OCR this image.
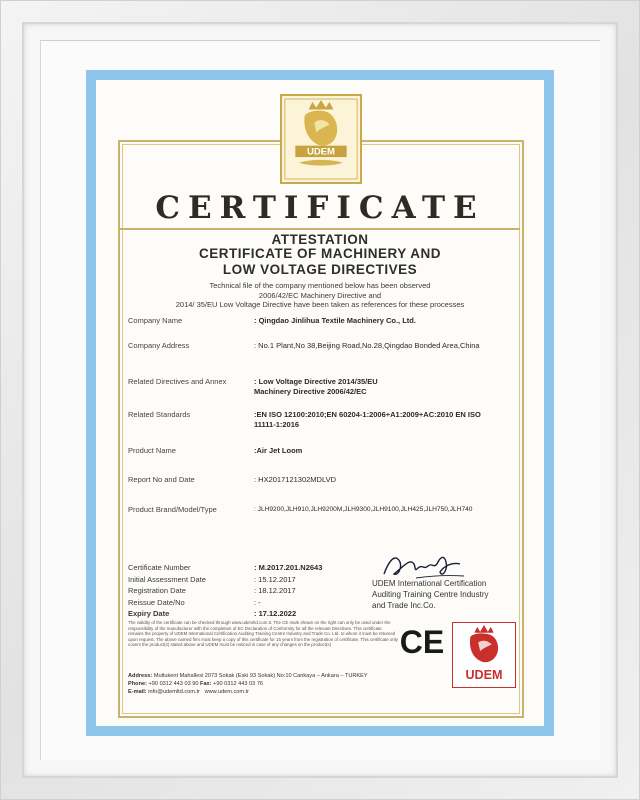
UDEM
CERTIFICATE
ATTESTATION
CERTIFICATE OF MACHINERY AND
LOW VOLTAGE DIRECTIVES
Technical file of the company mentioned below has been observed
2006/42/EC Machinery Directive and
2014/ 35/EU Low Voltage Directive have been taken as references for these processes
Company Name	: Qingdao Jinlihua Textile Machinery Co., Ltd.
Company Address	: No.1 Plant,No 38,Beijing Road,No.28,Qingdao Bonded Area,China
Related Directives and Annex	: Low Voltage Directive 2014/35/EU Machinery Directive 2006/42/EC
Related Standards	:EN ISO 12100:2010;EN 60204-1:2006+A1:2009+AC:2010 EN ISO 11111-1:2016
Product Name	:Air Jet Loom
Report No and Date	: HX2017121302MDLVD
Product Brand/Model/Type	: JLH9200,JLH910,JLH9200M,JLH9300,JLH9100,JLH425,JLH750,JLH740
Certificate Number	: M.2017.201.N2643
Initial Assessment Date	: 15.12.2017
Registration Date	: 18.12.2017
Reissue Date/No	: -
Expiry Date	: 17.12.2022
UDEM International Certification
Auditing Training Centre Industry
and Trade Inc.Co.
The validity of the certificate can be checked through www.udemltd.com.tr. The CE mark shown on the right can only be used under the responsibility of the manufacturer with the completion of EC Declaration of Conformity for all the relevant Directives. This certificate remains the property of UDEM International Certification Auditing Training Centre Industry and Trade Co. Ltd. to whom it must be returned upon request. The above named firm must keep a copy of this certificate for 15 years from the registration of certificate. This certificate only covers the product(s) stated above and UDEM must be noticed in case of any changes on the product(s)
Address: Mutlukent Mahallesi 2073 Sokak (Eski 93 Sokak) No:10 Cankaya – Ankara – TURKEY
Phone: +90 0312 443 03 90 Fax: +90 0312 443 03 76
E-mail: info@udemltd.com.tr www.udem.com.tr
CE
UDEM
